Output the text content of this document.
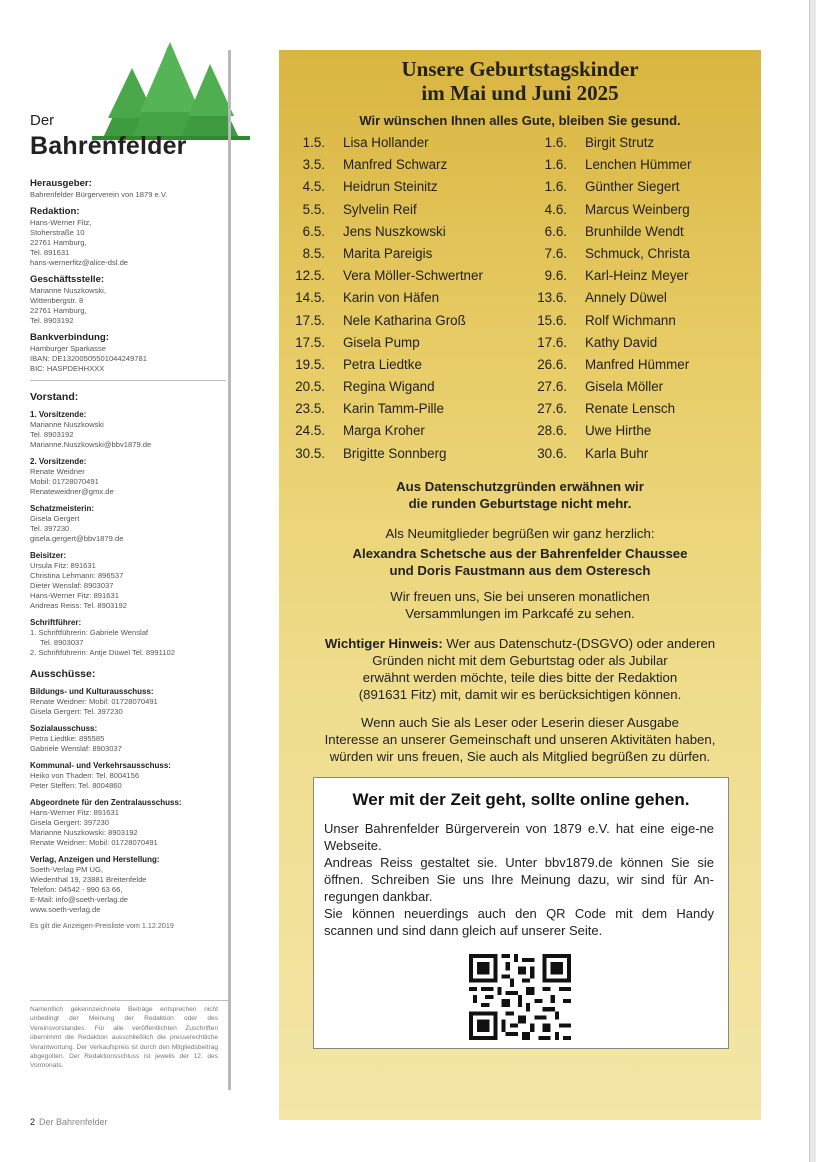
Der
Bahrenfelder
Herausgeber:
Bahrenfelder Bürgerverein von 1879 e.V.
Redaktion:
Hans-Werner Fitz,
Stoherstraße 10
22761 Hamburg,
Tel. 891631
hans-wernerfitz@alice-dsl.de
Geschäftsstelle:
Marianne Nuszkowski,
Wittenbergstr. 8
22761 Hamburg,
Tel. 8903192
Bankverbindung:
Hamburger Sparkasse
IBAN: DE13200505501044249781
BIC: HASPDEHHXXX
Vorstand:
1. Vorsitzende:
Marianne Nuszkowski
Tel. 8903192
Marianne.Nuszkowski@bbv1879.de
2. Vorsitzende:
Renate Weidner
Mobil: 01728070491
Renateweidner@gmx.de
Schatzmeisterin:
Gisela Gergert
Tel. 397230
gisela.gergert@bbv1879.de
Beisitzer:
Ursula Fitz: 891631
Christina Lehmann: 896537
Dieter Wenslaf: 8903037
Hans-Werner Fitz: 891631
Andreas Reiss: Tel. 8903192
Schriftführer:
1. Schriftführerin: Gabriele Wenslaf
Tel. 8903037
2. Schriftführerin: Antje Düwel Tel. 8991102
Ausschüsse:
Bildungs- und Kulturausschuss:
Renate Weidner: Mobil: 01728070491
Gisela Gergert: Tel. 397230
Sozialausschuss:
Petra Liedtke: 895585
Gabriele Wenslaf: 8903037
Kommunal- und Verkehrsausschuss:
Heiko von Thaden: Tel. 8004156
Peter Steffen: Tel. 8004860
Abgeordnete für den Zentralausschuss:
Hans-Werner Fitz: 891631
Gisela Gergert: 397230
Marianne Nuszkowski: 8903192
Renate Weidner: Mobil: 01728070491
Verlag, Anzeigen und Herstellung:
Soeth-Verlag PM UG,
Wiedenthal 19, 23881 Breitenfelde
Telefon: 04542 - 990 63 66,
E-Mail: info@soeth-verlag.de
www.soeth-verlag.de
Es gilt die Anzeigen-Preisliste vom 1.12.2019
Namentlich gekennzeichnete Beiträge entsprechen nicht unbedingt der Meinung der Redaktion oder des Vereinsvorstandes. Für alle veröffentlichten Zuschriften übernimmt die Redaktion ausschließlich die presserechtliche Verantwortung. Der Verkaufspreis ist durch den Mitgliedsbeitrag abgegolten. Der Redaktionsschluss ist jeweils der 12. des Vormonats.
2 Der Bahrenfelder
Unsere Geburtstagskinder
im Mai und Juni 2025
Wir wünschen Ihnen alles Gute, bleiben Sie gesund.
1.5. Lisa Hollander	1.6. Birgit Strutz
3.5. Manfred Schwarz	1.6. Lenchen Hümmer
4.5. Heidrun Steinitz	1.6. Günther Siegert
5.5. Sylvelin Reif	4.6. Marcus Weinberg
6.5. Jens Nuszkowski	6.6. Brunhilde Wendt
8.5. Marita Pareigis	7.6. Schmuck, Christa
12.5. Vera Möller-Schwertner	9.6. Karl-Heinz Meyer
14.5. Karin von Häfen	13.6. Annely Düwel
17.5. Nele Katharina Groß	15.6. Rolf Wichmann
17.5. Gisela Pump	17.6. Kathy David
19.5. Petra Liedtke	26.6. Manfred Hümmer
20.5. Regina Wigand	27.6. Gisela Möller
23.5. Karin Tamm-Pille	27.6. Renate Lensch
24.5. Marga Kroher	28.6. Uwe Hirthe
30.5. Brigitte Sonnberg	30.6. Karla Buhr
Aus Datenschutzgründen erwähnen wir
die runden Geburtstage nicht mehr.
Als Neumitglieder begrüßen wir ganz herzlich:
Alexandra Schetsche aus der Bahrenfelder Chaussee
und Doris Faustmann aus dem Osteresch
Wir freuen uns, Sie bei unseren monatlichen
Versammlungen im Parkcafé zu sehen.
Wichtiger Hinweis: Wer aus Datenschutz-(DSGVO) oder anderen
Gründen nicht mit dem Geburtstag oder als Jubilar
erwähnt werden möchte, teile dies bitte der Redaktion
(891631 Fitz) mit, damit wir es berücksichtigen können.
Wenn auch Sie als Leser oder Leserin dieser Ausgabe
Interesse an unserer Gemeinschaft und unseren Aktivitäten haben,
würden wir uns freuen, Sie auch als Mitglied begrüßen zu dürfen.
Wer mit der Zeit geht, sollte online gehen.
Unser Bahrenfelder Bürgerverein von 1879 e.V. hat eine eige-ne Webseite.
Andreas Reiss gestaltet sie. Unter bbv1879.de können Sie sie öffnen. Schreiben Sie uns Ihre Meinung dazu, wir sind für An-regungen dankbar.
Sie können neuerdings auch den QR Code mit dem Handy scannen und sind dann gleich auf unserer Seite.
